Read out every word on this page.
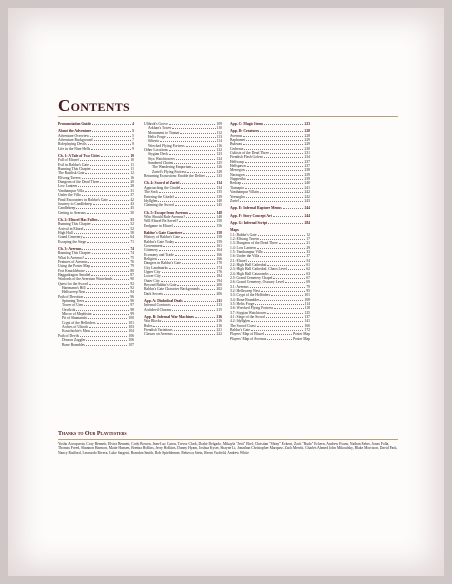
Contents
Pronunciation Guide	4
About the Adventure	5
Adventure Overview	5
Adventure Background	7
Roleplaying Devils	8
Life in the Nine Hells	9
Ch. 1: A Tale of Two Cities	10
Fall of Elturel	10
Evil in Baldur's Gate	11
Running This Chapter	11
The Basilisk Gate	12
Elfsong Tavern	16
Dungeon of the Dead Three	20
Low Lantern	28
Vanthampur Villa	31
Under the Villa	37
Final Encounters in Baldur's Gate	42
Journey to Candlekeep	43
Candlekeep	45
Getting to Avernus	50
Ch. 2: Elturel Has Fallen	51
Running This Chapter	52
Arrival in Elturel	52
High Hall	58
Grand Cemetery	64
Escaping the Siege	71
Ch. 3: Avernus	74
Running This Chapter	74
What Is Avernus?	75
Features of Avernus	76
Using the Poster Map	79
Fort Knucklebone	80
Haggadragon Amaltel	87
Warlords of the Avernian Wastelands	90
Quest for the Sword	92
Hartmann's Hill	92
Hellsweep Nest	94
Path of Devotion	96
Spinning Trees	96
Tower of Urm	97
Oxvilrok	98
Mirror of Mephistar	99
Pit of Shamanshi	100
Crypt of the Hellriders	101
Arches of Ultroth	103
Kostchtchie's Maw	104
Path of Devils	106
Draxon Zaggler	106
Bone Brambles	107
Ulthrok's Grove	109
Arkhan's Tower	110
Monument to Tiamat	112
Helix Forge	113
Siltesta	114
Wrecked Flying Fortress	116
Other Locations	122
Stygian Deck	123
Styx Watchtowers	124
Sundered Chains	125
The Wandering Emporium	126
Zariel's Flying Fortress	128
Returning Excursions: Enable the Deliter	133
Ch. 4: Sword of Zariel	134
Approaching the Citadel	134
The Sock	135
Entering the Citadel	139
Idyllglen	140
Claiming the Sword	145
Ch. 5: Escape from Avernus	148
Who Should Rule Avernus?	148
Will Elturel Be Saved?	150
Endgame in Elturel	156
Baldur's Gate Gazetteer	158
History of Baldur's Gate	158
Baldur's Gate Today	159
Government	161
Gittenery	164
Economy and Trade	166
Religion	166
Dangers in Baldur's Gate	170
City Landmarks	174
Upper City	176
Lower City	184
Outer City	194
Beyond Baldur's Gate	200
Baldur's Gate Character Backgrounds	202
Dark Secrets	206
App. A: Diabolical Deals	211
Infernal Contracts	213
Archdevil Charms	215
App. B: Infernal War Machines	216
War Blocks	216
Rules	216
Fiendish Variations	221
Classes on Avernus	222
App. C: Magic Items	223
App. D: Creatures	228
Avernus	228
Baphomet	229
Bulezau	229
Cerberus	230
Cultists of the Dead Three	231
Fiendish Flesh Golem	234
Hellwasp	237
Hellspawn	237
Merregon	238
Narzugon	239
Nupperibo	239
Redcap	240
Tiamapia	241
Vanthampur Villain	242
Yeenoghu	242
Zariel	243
App. E: Infernal Rapture Menus	244
App. F: Story Concept Art	244
App. G: Infernal Script	284
Maps
1.1: Baldur's Gate	12
1.2: Elfsong Tavern	17
1.3: Dungeon of the Dead Three	21
1.4: Low Lantern	29
1.5: Vanthampur Villa	33
1.6: Under the Villa	37
2.1: Elturel	54
2.2: High Hall Cathedral	61
2.3: High Hall Cathedral, Chaos Level	62
2.4: High Hall Catacombs	63
2.5: Grand Cemetery Chapel	67
2.6: Grand Cemetery, Ossuary Level	69
3.1: Avernus	79
3.2: Hellsweep Nest	95
3.3: Crypt of the Hellriders	101
3.4: Bone Brambles	108
3.5: Helix Forge	114
3.6: Wrecked Flying Fortress	118
3.7: Stygian Watchtower	125
4.1: Siege of the Sword	137
4.2: Idyllglen	141
The Sword Coast	160
Baldur's Gate	172
Players' Map of Elturel	Poster Map
Players' Map of Avernus	Poster Map
Thanks to Our Playtesters

Yoshu Arocquerta, Cory Bennett, Elvira Bennett, Cody Bowen, Jean-Luc Caron, Trevor Clark, Drake Delgado, Mikayla "Jetti" Ebel, Christian "Shiny" Eckern, Zach "Rudo" Eckern, Andrew Evans, Nathan Faber, Jonas Folla, Thomas Freed, Shannon Harmon, Matte Hansen, Brenna Hollins, Jerry Holkins, Danny Hyam, Joshua Kyser, Shayne Li, Jonathan Christopher Marquez, Zach Merritt, Charles Ahmed John Mikoufsky, Blake Morrison, David Park, Nancy Radford, Leonardo Rivera, Luke Sargent, Brandon Smith, Rob Spieldenner, Rebecca Stein, Reem Varfield, Andrew White
